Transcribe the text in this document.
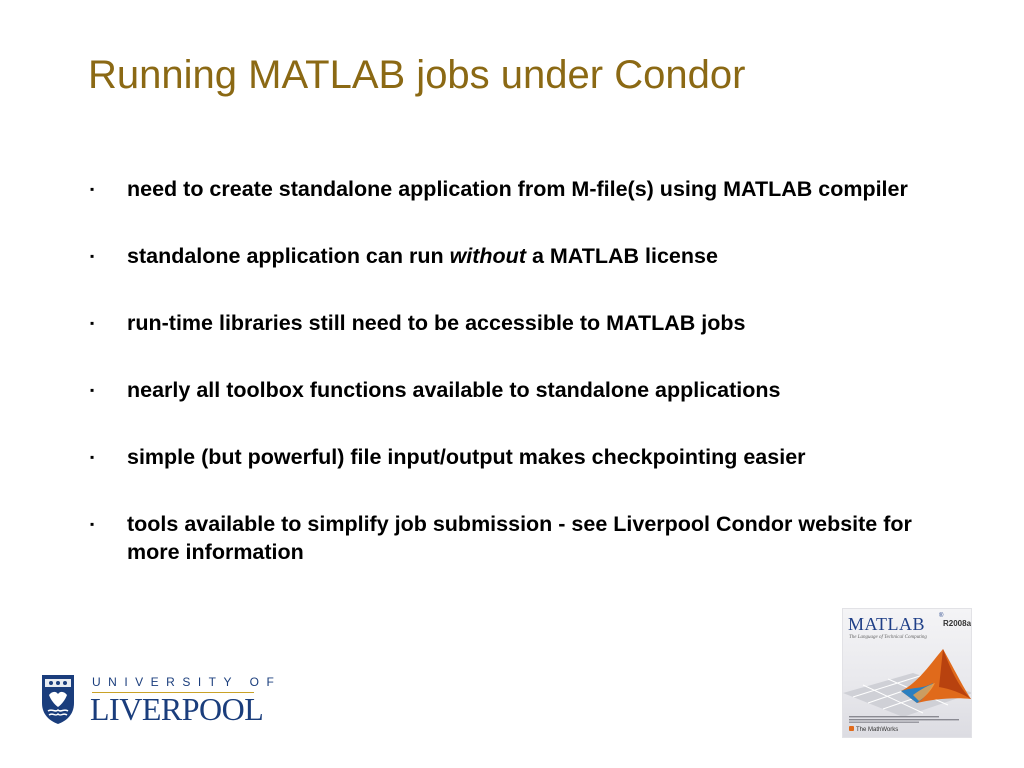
Running MATLAB jobs under Condor
▪	need to create standalone application from M-file(s) using MATLAB compiler
▪	standalone application can run without a MATLAB license
▪	run-time libraries still need to be accessible to MATLAB jobs
▪	nearly all toolbox functions available to standalone applications
▪	simple (but powerful) file input/output makes checkpointing easier
▪	tools available to simplify job submission - see Liverpool Condor website for more information
UNIVERSITY OF
LIVERPOOL
MATLAB ®
R2008a
The Language of Technical Computing
The MathWorks
